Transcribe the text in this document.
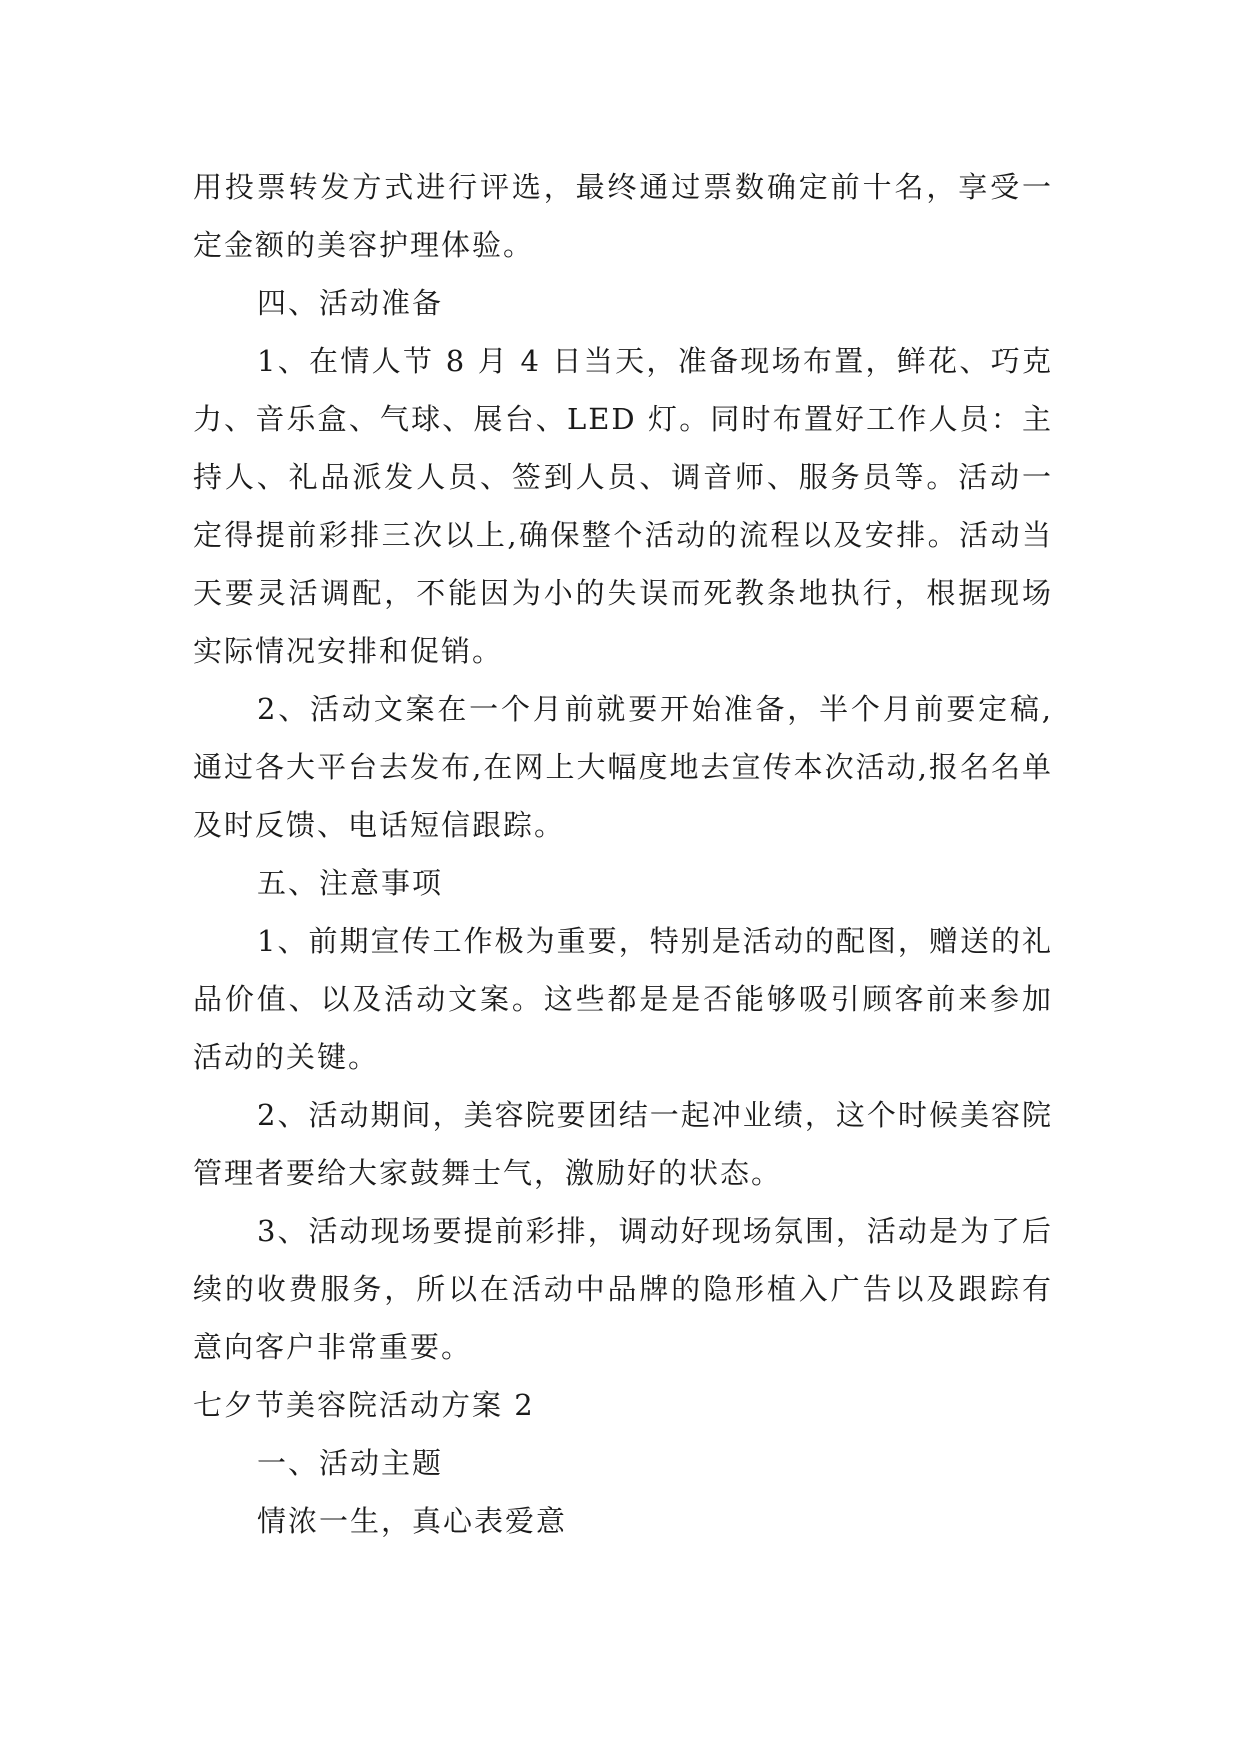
用投票转发方式进行评选，最终通过票数确定前十名，享受一定金额的美容护理体验。

四、活动准备

1、在情人节 8 月 4 日当天，准备现场布置，鲜花、巧克力、音乐盒、气球、展台、LED 灯。同时布置好工作人员：主持人、礼品派发人员、签到人员、调音师、服务员等。活动一定得提前彩排三次以上,确保整个活动的流程以及安排。活动当天要灵活调配，不能因为小的失误而死教条地执行，根据现场实际情况安排和促销。

2、活动文案在一个月前就要开始准备，半个月前要定稿,通过各大平台去发布,在网上大幅度地去宣传本次活动,报名名单及时反馈、电话短信跟踪。

五、注意事项

1、前期宣传工作极为重要，特别是活动的配图，赠送的礼品价值、以及活动文案。这些都是是否能够吸引顾客前来参加活动的关键。

2、活动期间，美容院要团结一起冲业绩，这个时候美容院管理者要给大家鼓舞士气，激励好的状态。

3、活动现场要提前彩排，调动好现场氛围，活动是为了后续的收费服务，所以在活动中品牌的隐形植入广告以及跟踪有意向客户非常重要。

七夕节美容院活动方案 2

一、活动主题

情浓一生，真心表爱意
